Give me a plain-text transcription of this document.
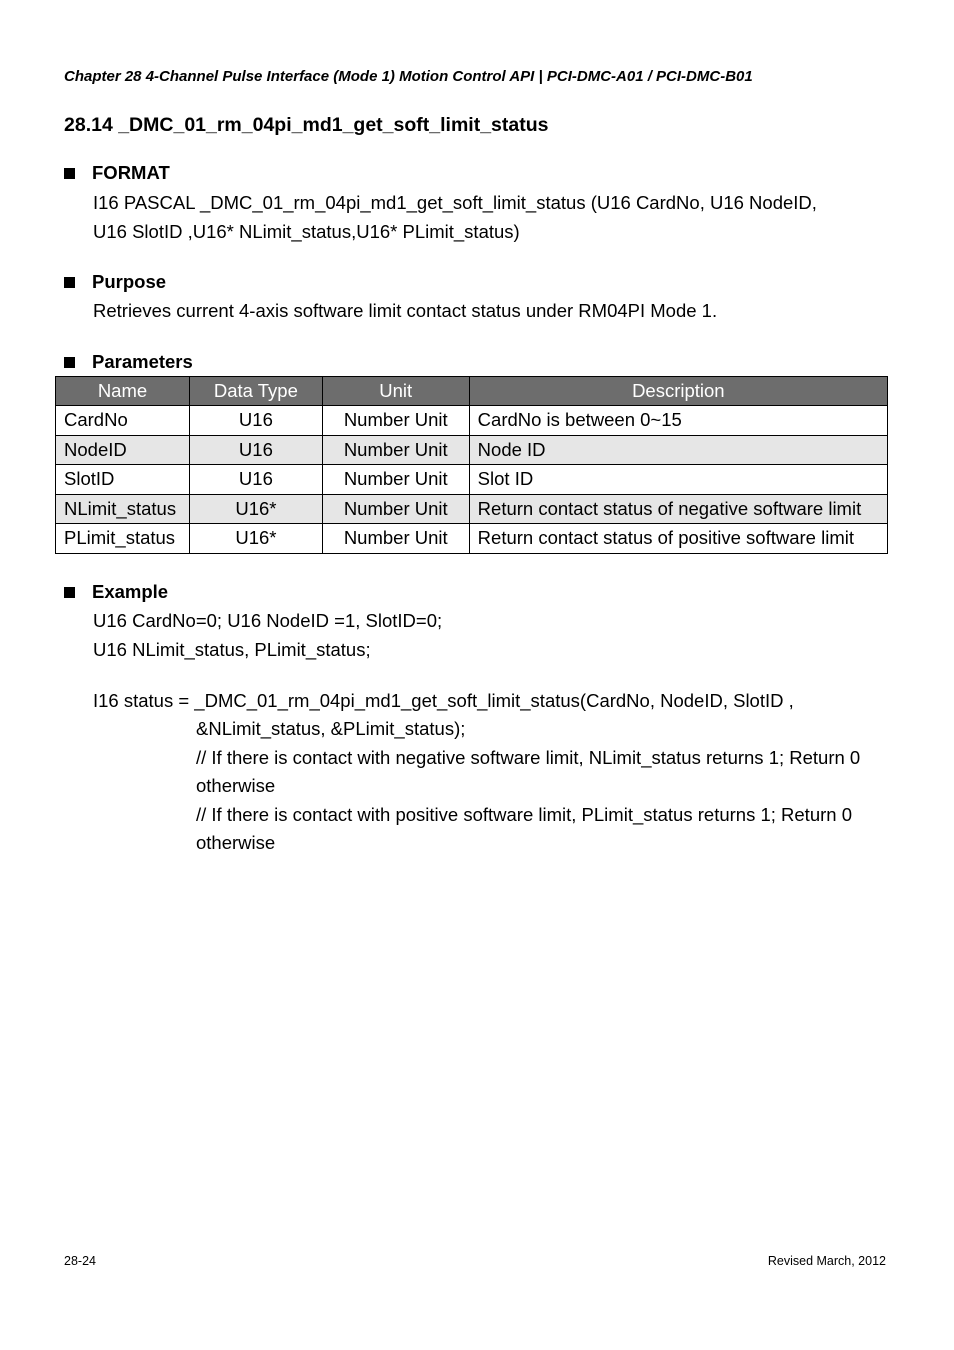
Chapter 28 4-Channel Pulse Interface (Mode 1) Motion Control API | PCI-DMC-A01 / PCI-DMC-B01
28.14 _DMC_01_rm_04pi_md1_get_soft_limit_status
FORMAT
I16 PASCAL _DMC_01_rm_04pi_md1_get_soft_limit_status (U16 CardNo, U16 NodeID,
U16 SlotID ,U16* NLimit_status,U16* PLimit_status)
Purpose
Retrieves current 4-axis software limit contact status under RM04PI Mode 1.
Parameters
Name	Data Type	Unit	Description
CardNo	U16	Number Unit	CardNo is between 0~15
NodeID	U16	Number Unit	Node ID
SlotID	U16	Number Unit	Slot ID
NLimit_status	U16*	Number Unit	Return contact status of negative software limit
PLimit_status	U16*	Number Unit	Return contact status of positive software limit
Example
U16 CardNo=0; U16 NodeID =1, SlotID=0;
U16 NLimit_status, PLimit_status;
I16 status = _DMC_01_rm_04pi_md1_get_soft_limit_status(CardNo, NodeID, SlotID ,
&NLimit_status, &PLimit_status);
// If there is contact with negative software limit, NLimit_status returns 1; Return 0
otherwise
// If there is contact with positive software limit, PLimit_status returns 1; Return 0
otherwise
28-24	Revised March, 2012
